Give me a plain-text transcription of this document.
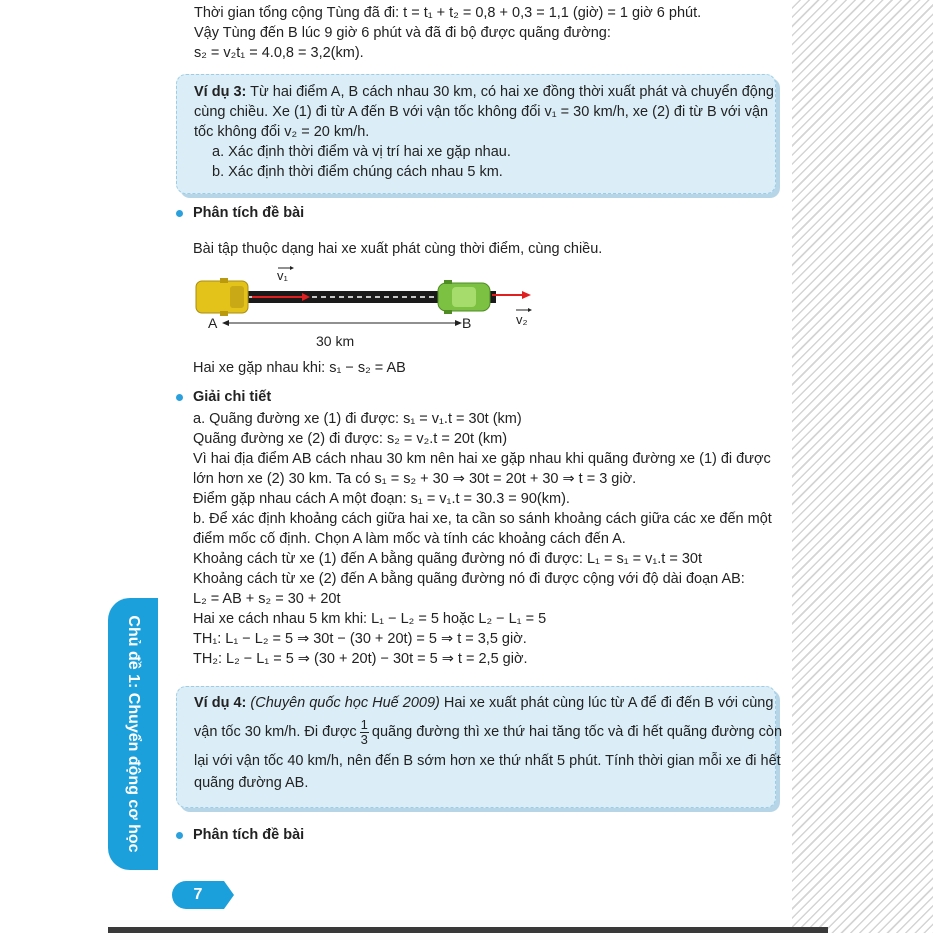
Thời gian tổng cộng Tùng đã đi: t = t₁ + t₂ = 0,8 + 0,3 = 1,1 (giờ) = 1 giờ 6 phút.
Vậy Tùng đến B lúc 9 giờ 6 phút và đã đi bộ được quãng đường:
s₂ = v₂t₁ = 4.0,8 = 3,2(km).
Ví dụ 3: Từ hai điểm A, B cách nhau 30 km, có hai xe đồng thời xuất phát và chuyển động
cùng chiều. Xe (1) đi từ A đến B với vận tốc không đổi v₁ = 30 km/h, xe (2) đi từ B với vận
tốc không đổi v₂ = 20 km/h.
a. Xác định thời điểm và vị trí hai xe gặp nhau.
b. Xác định thời điểm chúng cách nhau 5 km.
Phân tích đề bài
Bài tập thuộc dạng hai xe xuất phát cùng thời điểm, cùng chiều.
v₁
v₂
A	B
30 km
Hai xe gặp nhau khi: s₁ − s₂ = AB
Giải chi tiết
a. Quãng đường xe (1) đi được: s₁ = v₁.t = 30t (km)
Quãng đường xe (2) đi được: s₂ = v₂.t = 20t (km)
Vì hai địa điểm AB cách nhau 30 km nên hai xe gặp nhau khi quãng đường xe (1) đi được
lớn hơn xe (2) 30 km. Ta có s₁ = s₂ + 30 ⇒ 30t = 20t + 30 ⇒ t = 3 giờ.
Điểm gặp nhau cách A một đoạn: s₁ = v₁.t = 30.3 = 90(km).
b. Để xác định khoảng cách giữa hai xe, ta cần so sánh khoảng cách giữa các xe đến một
điểm mốc cố định. Chọn A làm mốc và tính các khoảng cách đến A.
Khoảng cách từ xe (1) đến A bằng quãng đường nó đi được: L₁ = s₁ = v₁.t = 30t
Khoảng cách từ xe (2) đến A bằng quãng đường nó đi được cộng với độ dài đoạn AB:
L₂ = AB + s₂ = 30 + 20t
Hai xe cách nhau 5 km khi: L₁ − L₂ = 5 hoặc L₂ − L₁ = 5
TH₁: L₁ − L₂ = 5 ⇒ 30t − (30 + 20t) = 5 ⇒ t = 3,5 giờ.
TH₂: L₂ − L₁ = 5 ⇒ (30 + 20t) − 30t = 5 ⇒ t = 2,5 giờ.
Ví dụ 4: (Chuyên quốc học Huế 2009) Hai xe xuất phát cùng lúc từ A để đi đến B với cùng
vận tốc 30 km/h. Đi được $\frac{1}{3}$ quãng đường thì xe thứ hai tăng tốc và đi hết quãng đường còn
lại với vận tốc 40 km/h, nên đến B sớm hơn xe thứ nhất 5 phút. Tính thời gian mỗi xe đi hết
quãng đường AB.
Phân tích đề bài
Chủ đề 1: Chuyển động cơ học
7
